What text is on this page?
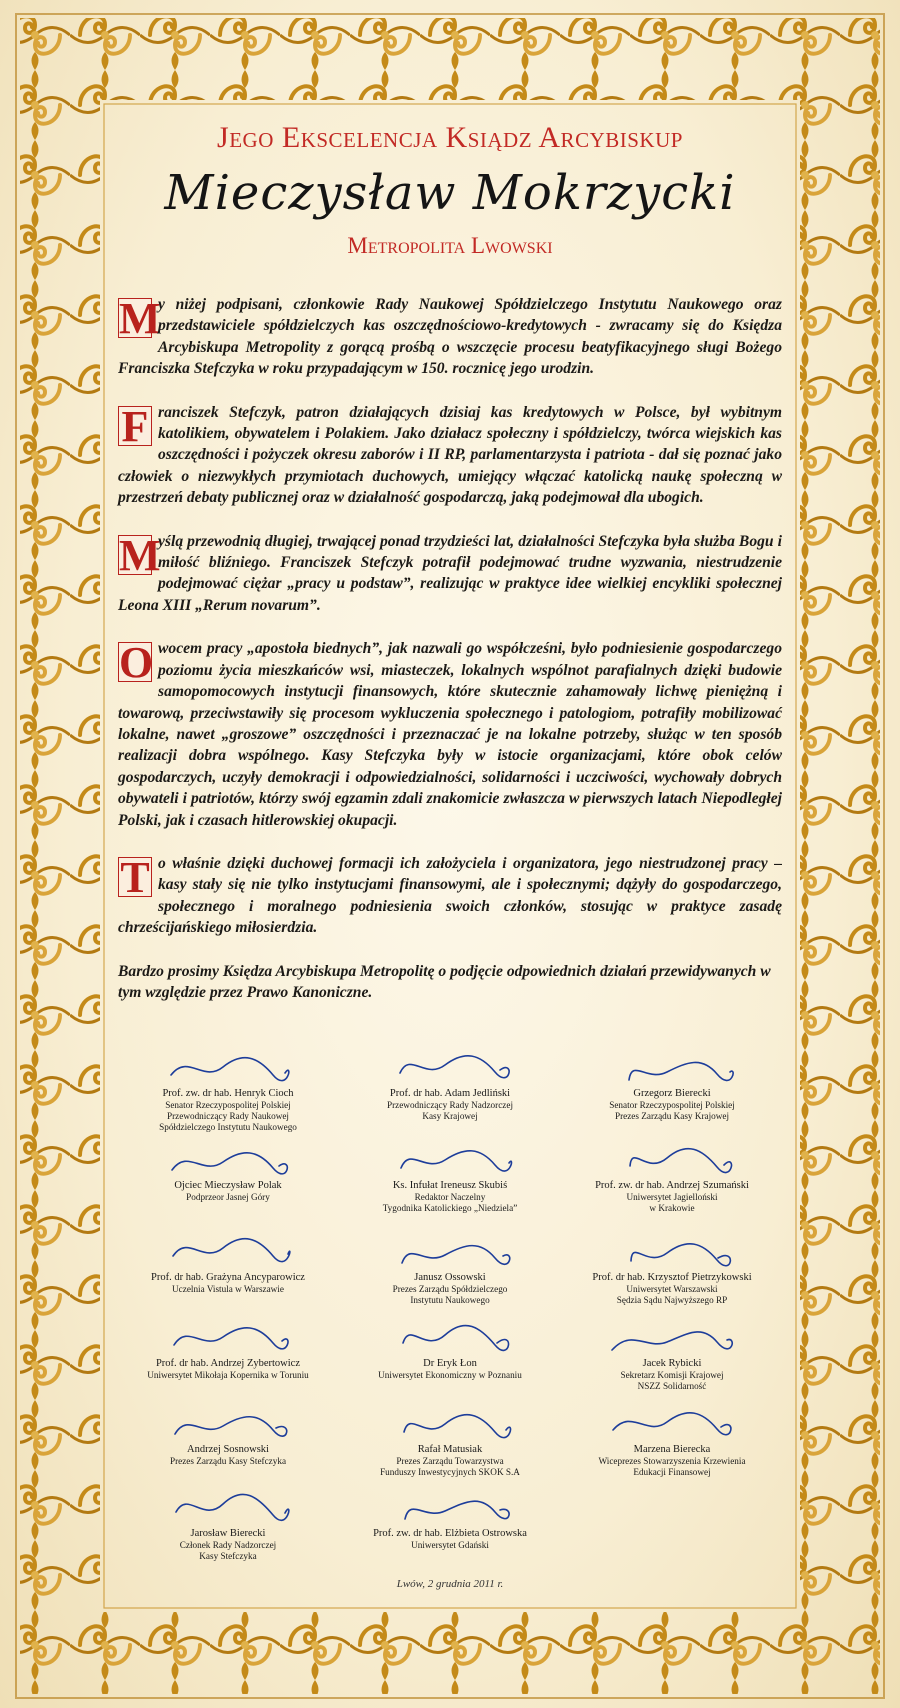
Jego Ekscelencja Ksiądz Arcybiskup
Mieczysław Mokrzycki
Metropolita Lwowski

M
y niżej podpisani, członkowie Rady Naukowej Spółdzielczego Instytutu Naukowego oraz przedstawiciele spółdzielczych kas oszczędnościowo-kredytowych - zwracamy się do Księdza Arcybiskupa Metropolity z gorącą prośbą o wszczęcie procesu beatyfikacyjnego sługi Bożego Franciszka Stefczyka w roku przypadającym w 150. rocznicę jego urodzin.

F ranciszek Stefczyk, patron działających dzisiaj kas kredytowych w Polsce, był wybitnym katolikiem, obywatelem i Polakiem. Jako działacz społeczny i spółdzielczy, twórca wiejskich kas oszczędności i pożyczek okresu zaborów i II RP, parlamentarzysta i patriota - dał się poznać jako człowiek o niezwykłych przymiotach duchowych, umiejący włączać katolicką naukę społeczną w przestrzeń debaty publicznej oraz w działalność gospodarczą, jaką podejmował dla ubogich.

M
yślą przewodnią długiej, trwającej ponad trzydzieści lat, działalności Stefczyka była służba Bogu i miłość bliźniego. Franciszek Stefczyk potrafił podejmować trudne wyzwania, niestrudzenie podejmować ciężar „pracy u podstaw”, realizując w praktyce idee wielkiej encykliki społecznej Leona XIII „Rerum novarum”.

O wocem pracy „apostoła biednych”, jak nazwali go współcześni, było podniesienie gospodarczego poziomu życia mieszkańców wsi, miasteczek, lokalnych wspólnot parafialnych dzięki budowie samopomocowych instytucji finansowych, które skutecznie zahamowały lichwę pieniężną i towarową, przeciwstawiły się procesom wykluczenia społecznego i patologiom, potrafiły mobilizować lokalne, nawet „groszowe” oszczędności i przeznaczać je na lokalne potrzeby, służąc w ten sposób realizacji dobra wspólnego. Kasy Stefczyka były w istocie organizacjami, które obok celów gospodarczych, uczyły demokracji i odpowiedzialności, solidarności i uczciwości, wychowały dobrych obywateli i patriotów, którzy swój egzamin zdali znakomicie zwłaszcza w pierwszych latach Niepodległej Polski, jak i czasach hitlerowskiej okupacji.

T o właśnie dzięki duchowej formacji ich założyciela i organizatora, jego niestrudzonej pracy – kasy stały się nie tylko instytucjami finansowymi, ale i społecznymi; dążyły do gospodarczego, społecznego i moralnego podniesienia swoich członków, stosując w praktyce zasadę chrześcijańskiego miłosierdzia.

Bardzo prosimy Księdza Arcybiskupa Metropolitę o podjęcie odpowiednich działań przewidywanych w tym względzie przez Prawo Kanoniczne.

Prof. zw. dr hab. Henryk Cioch
Senator Rzeczypospolitej Polskiej
Przewodniczący Rady Naukowej
Spółdzielczego Instytutu Naukowego
Prof. dr hab. Adam Jedliński
Przewodniczący Rady Nadzorczej
Kasy Krajowej
Grzegorz Bierecki
Senator Rzeczypospolitej Polskiej
Prezes Zarządu Kasy Krajowej
Ojciec Mieczysław Polak
Podprzeor Jasnej Góry
Ks. Infułat Ireneusz Skubiś
Redaktor Naczelny
Tygodnika Katolickiego „Niedziela”
Prof. zw. dr hab. Andrzej Szumański
Uniwersytet Jagielloński
w Krakowie
Prof. dr hab. Grażyna Ancyparowicz
Uczelnia Vistula w Warszawie
Janusz Ossowski
Prezes Zarządu Spółdzielczego
Instytutu Naukowego
Prof. dr hab. Krzysztof Pietrzykowski
Uniwersytet Warszawski
Sędzia Sądu Najwyższego RP
Prof. dr hab. Andrzej Zybertowicz
Uniwersytet Mikołaja Kopernika w Toruniu
Dr Eryk Łon
Uniwersytet Ekonomiczny w Poznaniu
Jacek Rybicki
Sekretarz Komisji Krajowej
NSZZ Solidarność
Andrzej Sosnowski
Prezes Zarządu Kasy Stefczyka
Rafał Matusiak
Prezes Zarządu Towarzystwa
Funduszy Inwestycyjnych SKOK S.A
Marzena Bierecka
Wiceprezes Stowarzyszenia Krzewienia
Edukacji Finansowej
Jarosław Bierecki
Członek Rady Nadzorczej
Kasy Stefczyka
Prof. zw. dr hab. Elżbieta Ostrowska
Uniwersytet Gdański
Lwów, 2 grudnia 2011 r.
